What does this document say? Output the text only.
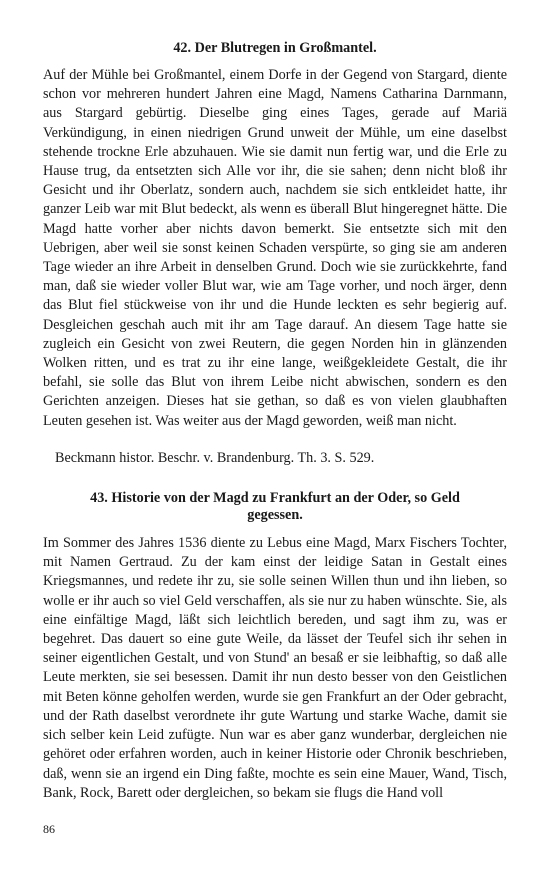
42. Der Blutregen in Großmantel.

Auf der Mühle bei Großmantel, einem Dorfe in der Gegend von Stargard, diente schon vor mehreren hundert Jahren eine Magd, Namens Catharina Darnmann, aus Stargard gebürtig. Dieselbe ging eines Tages, gerade auf Mariä Verkündigung, in einen niedrigen Grund unweit der Mühle, um eine daselbst stehende trockne Erle abzuhauen. Wie sie damit nun fertig war, und die Erle zu Hause trug, da entsetzten sich Alle vor ihr, die sie sahen; denn nicht bloß ihr Gesicht und ihr Oberlatz, sondern auch, nachdem sie sich entkleidet hatte, ihr ganzer Leib war mit Blut bedeckt, als wenn es überall Blut hingeregnet hätte. Die Magd hatte vorher aber nichts davon bemerkt. Sie entsetzte sich mit den Uebrigen, aber weil sie sonst keinen Schaden verspürte, so ging sie am anderen Tage wieder an ihre Arbeit in denselben Grund. Doch wie sie zurückkehrte, fand man, daß sie wieder voller Blut war, wie am Tage vorher, und noch ärger, denn das Blut fiel stückweise von ihr und die Hunde leckten es sehr begierig auf. Desgleichen geschah auch mit ihr am Tage darauf. An diesem Tage hatte sie zugleich ein Gesicht von zwei Reutern, die gegen Norden hin in glänzenden Wolken ritten, und es trat zu ihr eine lange, weißgekleidete Gestalt, die ihr befahl, sie solle das Blut von ihrem Leibe nicht abwischen, sondern es den Gerichten anzeigen. Dieses hat sie gethan, so daß es von vielen glaubhaften Leuten gesehen ist. Was weiter aus der Magd geworden, weiß man nicht.

Beckmann histor. Beschr. v. Brandenburg. Th. 3. S. 529.

43. Historie von der Magd zu Frankfurt an der Oder, so Geld gegessen.

Im Sommer des Jahres 1536 diente zu Lebus eine Magd, Marx Fischers Tochter, mit Namen Gertraud. Zu der kam einst der leidige Satan in Gestalt eines Kriegsmannes, und redete ihr zu, sie solle seinen Willen thun und ihn lieben, so wolle er ihr auch so viel Geld verschaffen, als sie nur zu haben wünschte. Sie, als eine einfältige Magd, läßt sich leichtlich bereden, und sagt ihm zu, was er begehret. Das dauert so eine gute Weile, da lässet der Teufel sich ihr sehen in seiner eigentlichen Gestalt, und von Stund' an besaß er sie leibhaftig, so daß alle Leute merkten, sie sei besessen. Damit ihr nun desto besser von den Geistlichen mit Beten könne geholfen werden, wurde sie gen Frankfurt an der Oder gebracht, und der Rath daselbst verordnete ihr gute Wartung und starke Wache, damit sie sich selber kein Leid zufügte. Nun war es aber ganz wunderbar, dergleichen nie gehöret oder erfahren worden, auch in keiner Historie oder Chronik beschrieben, daß, wenn sie an irgend ein Ding faßte, mochte es sein eine Mauer, Wand, Tisch, Bank, Rock, Barett oder dergleichen, so bekam sie flugs die Hand voll

86
